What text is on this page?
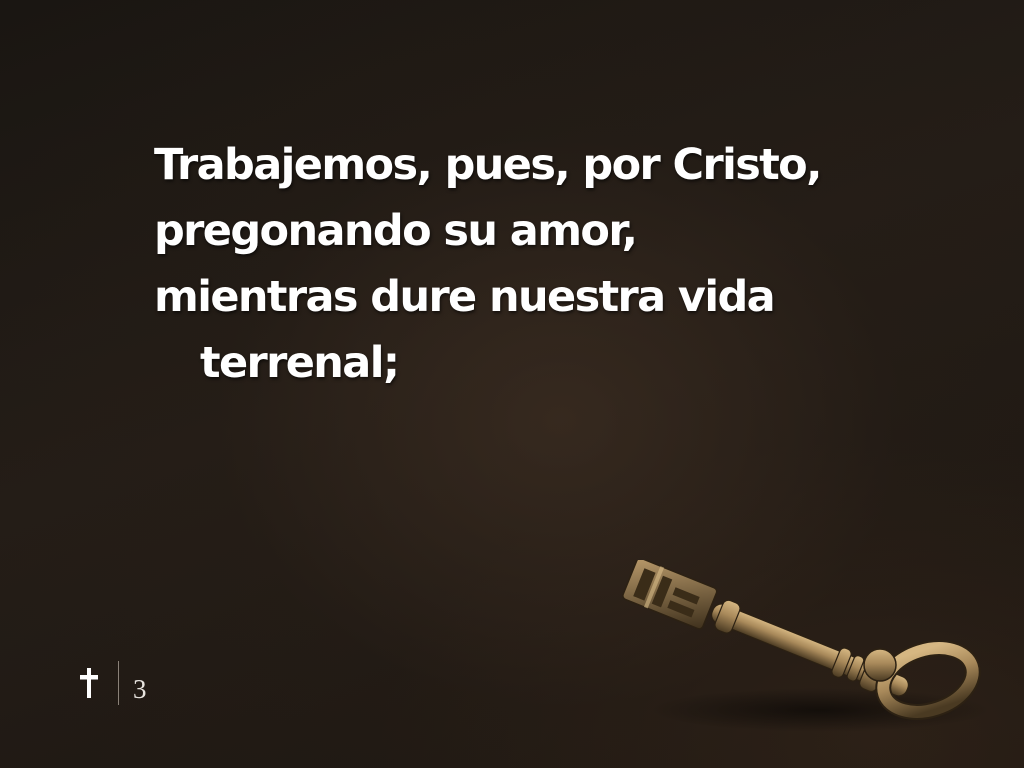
Trabajemos, pues, por Cristo,
pregonando su amor,
mientras dure nuestra vida
terrenal;

3
